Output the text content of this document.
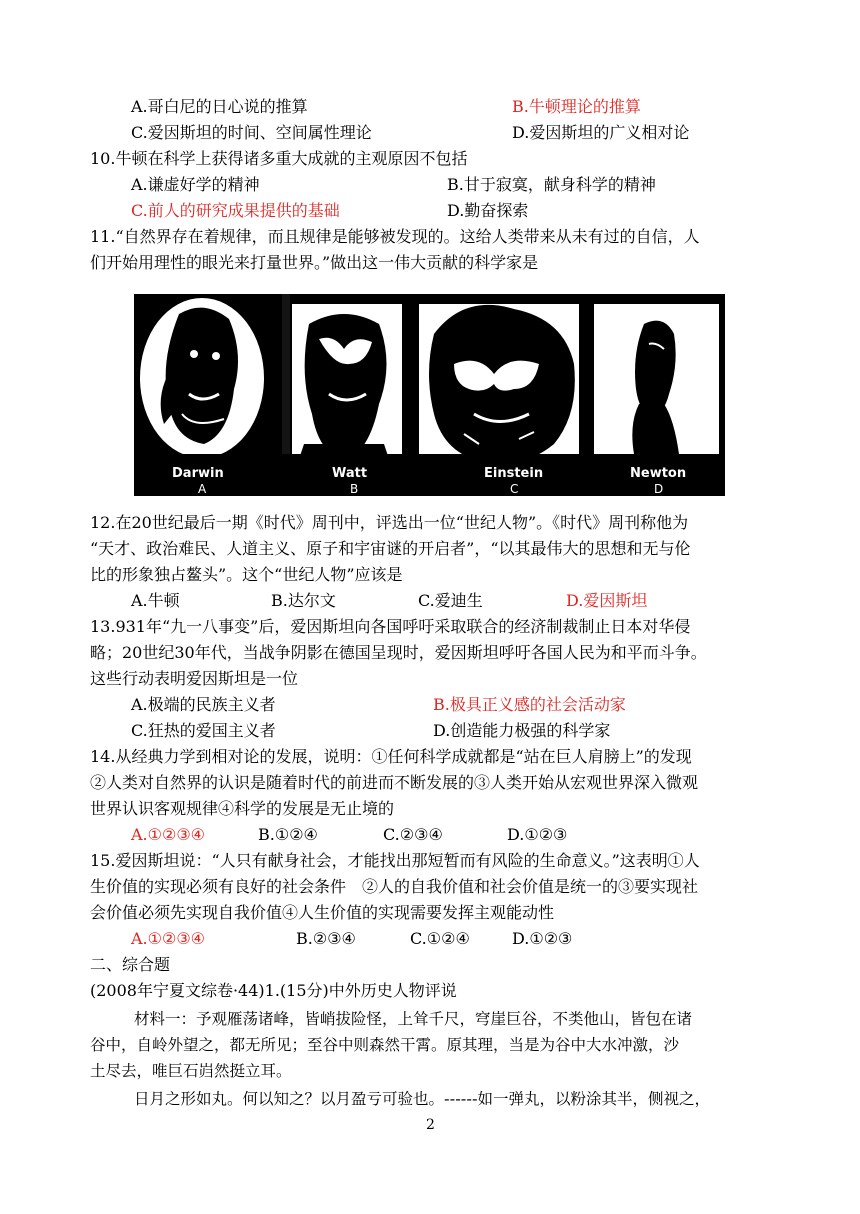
A.哥白尼的日心说的推算	B.牛顿理论的推算
C.爱因斯坦的时间、空间属性理论	D.爱因斯坦的广义相对论
10.牛顿在科学上获得诸多重大成就的主观原因不包括
A.谦虚好学的精神	B.甘于寂寞，献身科学的精神
C.前人的研究成果提供的基础	D.勤奋探索
11.“自然界存在着规律，而且规律是能够被发现的。这给人类带来从未有过的自信，人
们开始用理性的眼光来打量世界。”做出这一伟大贡献的科学家是
Darwin
A
Watt
B
Einstein
C
Newton
D
12.在20世纪最后一期《时代》周刊中，评选出一位“世纪人物”。《时代》周刊称他为
“天才、政治难民、人道主义、原子和宇宙谜的开启者”，“以其最伟大的思想和无与伦
比的形象独占鳌头”。这个“世纪人物”应该是
A.牛顿	B.达尔文	C.爱迪生	D.爱因斯坦
13.931年“九一八事变”后，爱因斯坦向各国呼吁采取联合的经济制裁制止日本对华侵
略；20世纪30年代，当战争阴影在德国呈现时，爱因斯坦呼吁各国人民为和平而斗争。
这些行动表明爱因斯坦是一位
A.极端的民族主义者	B.极具正义感的社会活动家
C.狂热的爱国主义者	D.创造能力极强的科学家
14.从经典力学到相对论的发展，说明：①任何科学成就都是“站在巨人肩膀上”的发现
②人类对自然界的认识是随着时代的前进而不断发展的③人类开始从宏观世界深入微观
世界认识客观规律④科学的发展是无止境的
A.①②③④	B.①②④	C.②③④	D.①②③
15.爱因斯坦说：“人只有献身社会，才能找出那短暂而有风险的生命意义。”这表明①人
生价值的实现必须有良好的社会条件　②人的自我价值和社会价值是统一的③要实现社
会价值必须先实现自我价值④人生价值的实现需要发挥主观能动性
A.①②③④	B.②③④	C.①②④	D.①②③
二、综合题
(2008年宁夏文综卷·44)1.(15分)中外历史人物评说
材料一：予观雁荡诸峰，皆峭拔险怪，上耸千尺，穹崖巨谷，不类他山，皆包在诸
谷中，自岭外望之，都无所见；至谷中则森然干霄。原其理，当是为谷中大水冲激，沙
土尽去，唯巨石岿然挺立耳。
日月之形如丸。何以知之？以月盈亏可验也。------如一弹丸，以粉涂其半，侧视之，
2
